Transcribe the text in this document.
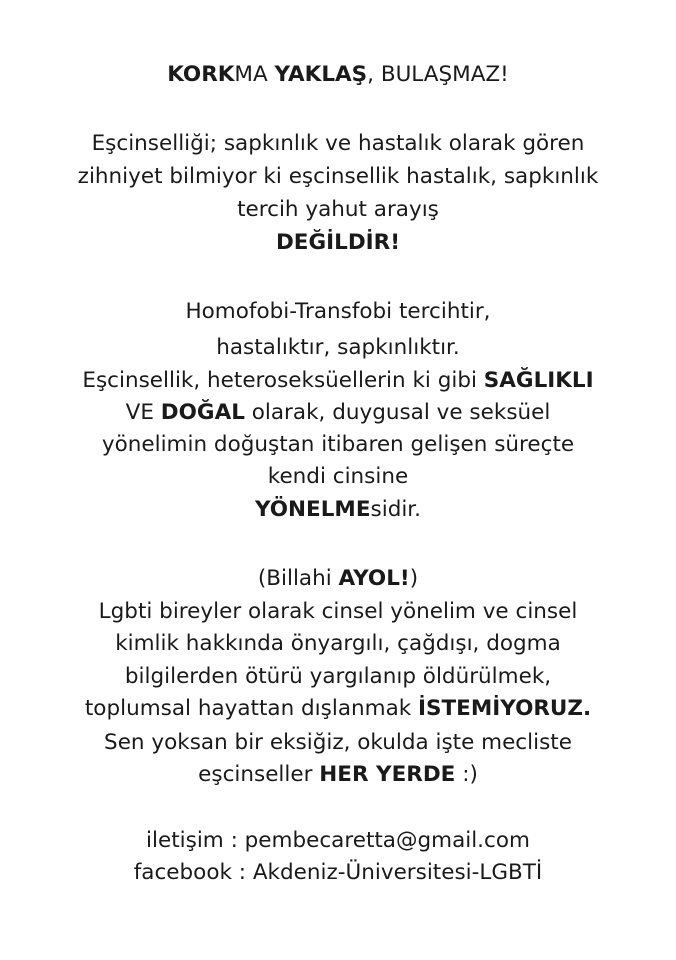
KORKMA YAKLAŞ, BULAŞMAZ!
Eşcinselliği; sapkınlık ve hastalık olarak gören
zihniyet bilmiyor ki eşcinsellik hastalık, sapkınlık
tercih yahut arayış
DEĞİLDİR!
Homofobi-Transfobi tercihtir,
hastalıktır, sapkınlıktır.
Eşcinsellik, heteroseksüellerin ki gibi SAĞLIKLI
VE DOĞAL olarak, duygusal ve seksüel
yönelimin doğuştan itibaren gelişen süreçte
kendi cinsine
YÖNELMEsidir.
(Billahi AYOL!)
Lgbti bireyler olarak cinsel yönelim ve cinsel
kimlik hakkında önyargılı, çağdışı, dogma
bilgilerden ötürü yargılanıp öldürülmek,
toplumsal hayattan dışlanmak İSTEMİYORUZ.
Sen yoksan bir eksiğiz, okulda işte mecliste
eşcinseller HER YERDE :)
iletişim : pembecaretta@gmail.com
facebook : Akdeniz-Üniversitesi-LGBTİ
